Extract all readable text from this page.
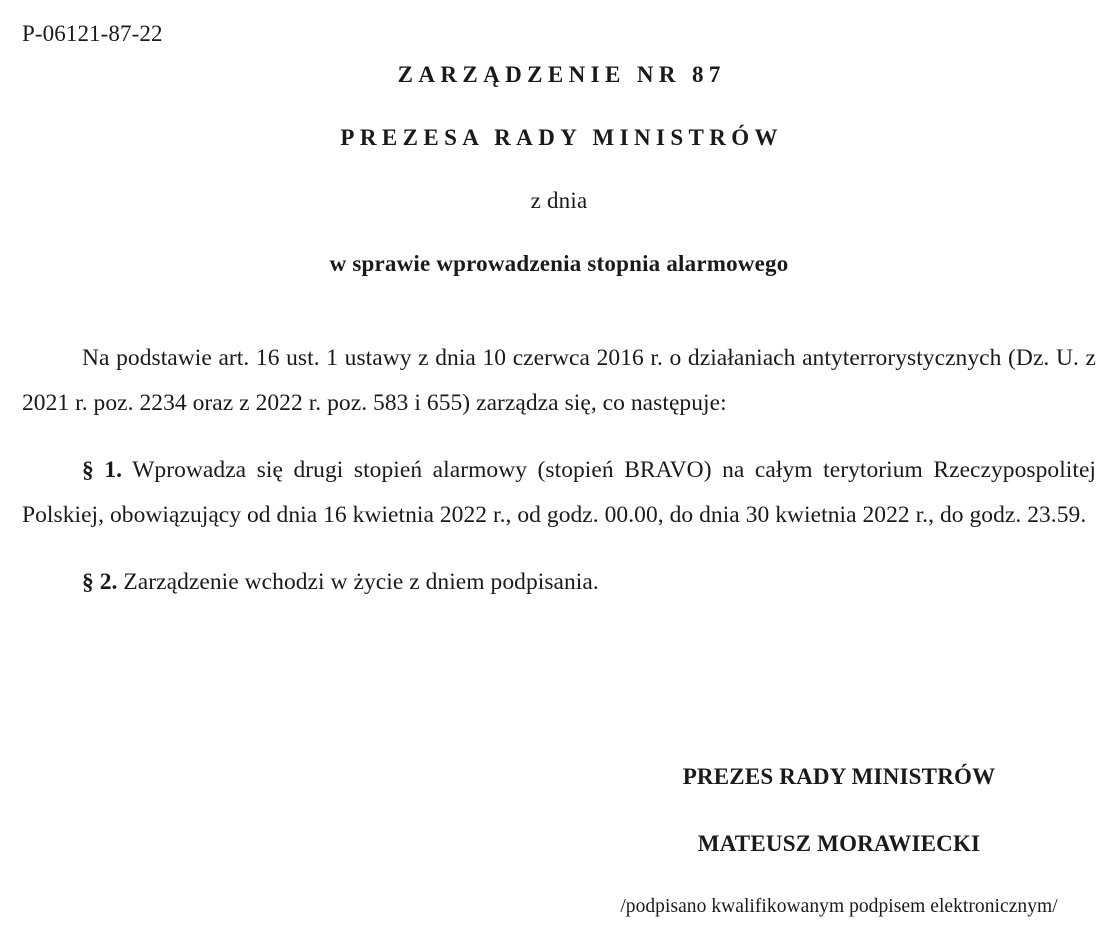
P-06121-87-22

ZARZĄDZENIE NR 87

PREZESA RADY MINISTRÓW

z dnia

w sprawie wprowadzenia stopnia alarmowego

Na podstawie art. 16 ust. 1 ustawy z dnia 10 czerwca 2016 r. o działaniach antyterrorystycznych (Dz. U. z 2021 r. poz. 2234 oraz z 2022 r. poz. 583 i 655) zarządza się, co następuje:

§ 1. Wprowadza się drugi stopień alarmowy (stopień BRAVO) na całym terytorium Rzeczypospolitej Polskiej, obowiązujący od dnia 16 kwietnia 2022 r., od godz. 00.00, do dnia 30 kwietnia 2022 r., do godz. 23.59.

§ 2. Zarządzenie wchodzi w życie z dniem podpisania.

PREZES RADY MINISTRÓW

MATEUSZ MORAWIECKI

/podpisano kwalifikowanym podpisem elektronicznym/
